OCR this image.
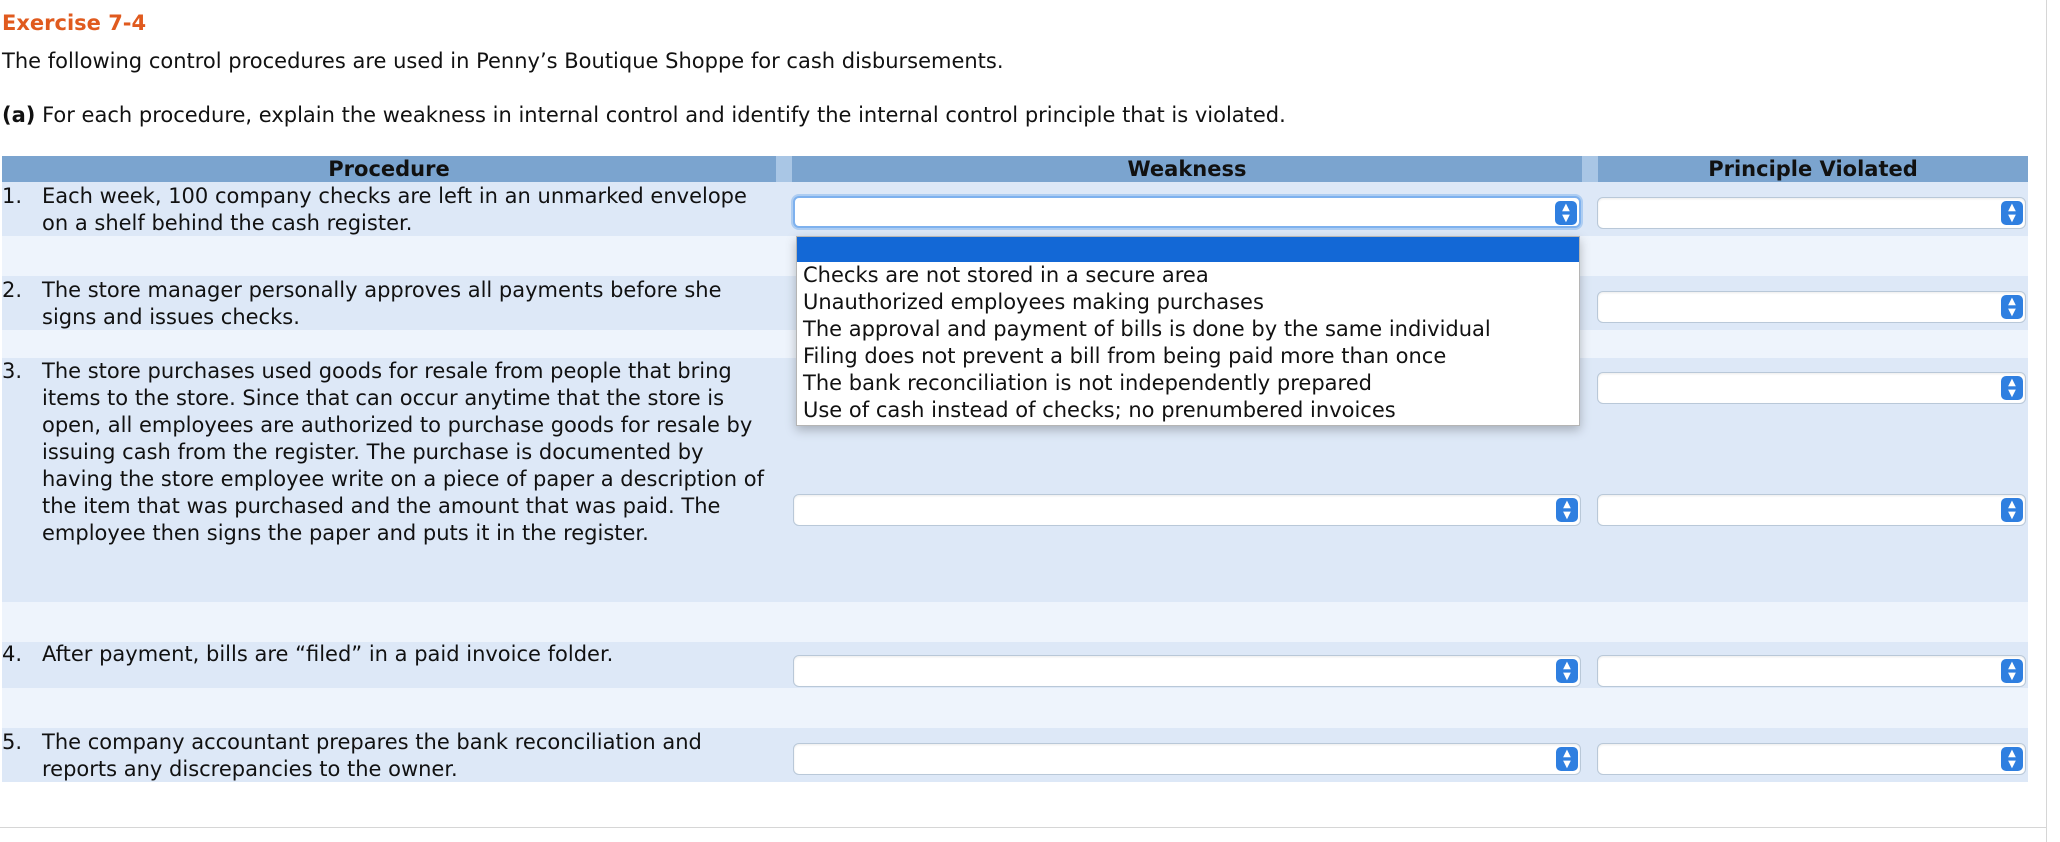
Exercise 7-4
The following control procedures are used in Penny’s Boutique Shoppe for cash disbursements.
(a) For each procedure, explain the weakness in internal control and identify the internal control principle that is violated.
Procedure	Weakness	Principle Violated
1. Each week, 100 company checks are left in an unmarked envelope on a shelf behind the cash register.
2. The store manager personally approves all payments before she signs and issues checks.
3. The store purchases used goods for resale from people that bring items to the store. Since that can occur anytime that the store is open, all employees are authorized to purchase goods for resale by issuing cash from the register. The purchase is documented by having the store employee write on a piece of paper a description of the item that was purchased and the amount that was paid. The employee then signs the paper and puts it in the register.
4. After payment, bills are “filed” in a paid invoice folder.
5. The company accountant prepares the bank reconciliation and reports any discrepancies to the owner.
▲
▼
▲
▼
▲
▼
▲
▼
▲
▼
▲
▼
▲
▼
▲
▼
▲
▼
▲
▼
Checks are not stored in a secure area
Unauthorized employees making purchases
The approval and payment of bills is done by the same individual
Filing does not prevent a bill from being paid more than once
The bank reconciliation is not independently prepared
Use of cash instead of checks; no prenumbered invoices
